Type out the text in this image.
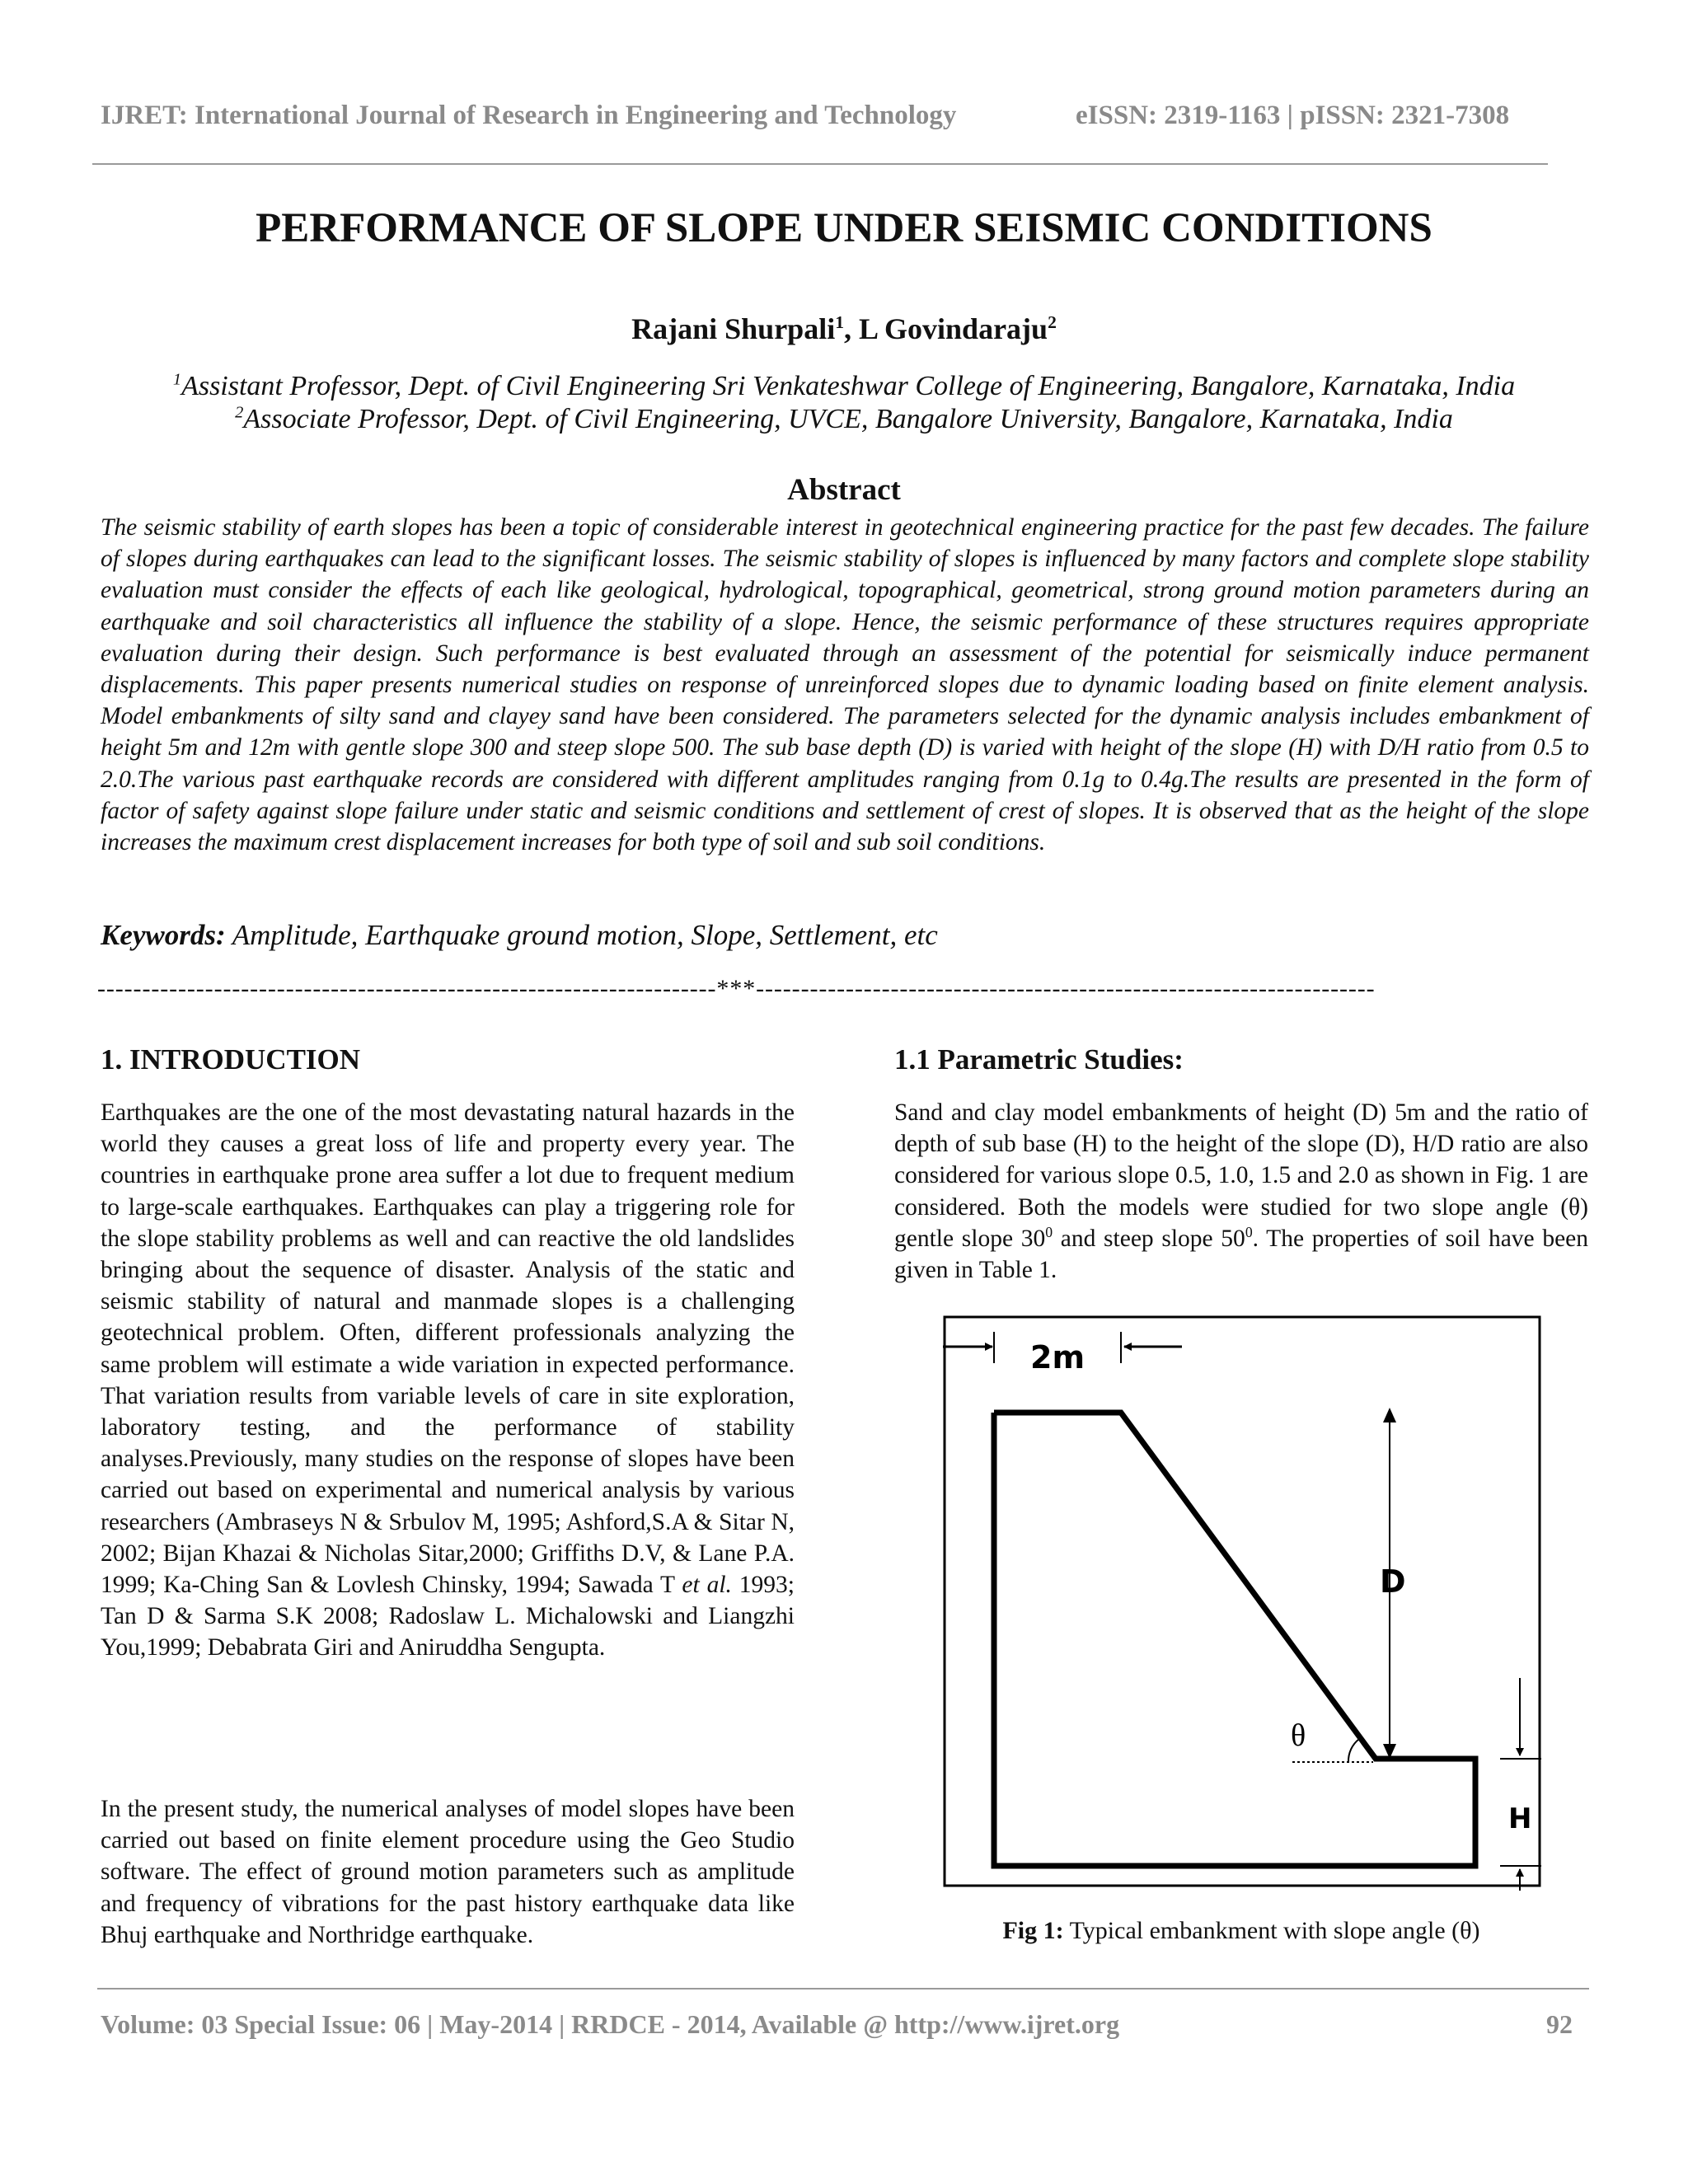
IJRET: International Journal of Research in Engineering and Technology	eISSN: 2319-1163 | pISSN: 2321-7308
PERFORMANCE OF SLOPE UNDER SEISMIC CONDITIONS
Rajani Shurpali$^1$, L Govindaraju$^2$
$^1$Assistant Professor, Dept. of Civil Engineering Sri Venkateshwar College of Engineering, Bangalore, Karnataka, India
$^2$Associate Professor, Dept. of Civil Engineering, UVCE, Bangalore University, Bangalore, Karnataka, India
Abstract
The seismic stability of earth slopes has been a topic of considerable interest in geotechnical engineering practice for the past few decades. The failure of slopes during earthquakes can lead to the significant losses. The seismic stability of slopes is influenced by many factors and complete slope stability evaluation must consider the effects of each like geological, hydrological, topographical, geometrical, strong ground motion parameters during an earthquake and soil characteristics all influence the stability of a slope. Hence, the seismic performance of these structures requires appropriate evaluation during their design. Such performance is best evaluated through an assessment of the potential for seismically induce permanent displacements. This paper presents numerical studies on response of unreinforced slopes due to dynamic loading based on finite element analysis. Model embankments of silty sand and clayey sand have been considered. The parameters selected for the dynamic analysis includes embankment of height 5m and 12m with gentle slope 300 and steep slope 500. The sub base depth (D) is varied with height of the slope (H) with D/H ratio from 0.5 to 2.0.The various past earthquake records are considered with different amplitudes ranging from 0.1g to 0.4g.The results are presented in the form of factor of safety against slope failure under static and seismic conditions and settlement of crest of slopes. It is observed that as the height of the slope increases the maximum crest displacement increases for both type of soil and sub soil conditions.
Keywords: Amplitude, Earthquake ground motion, Slope, Settlement, etc
---------------------------------------------------------------------***---------------------------------------------------------------------
1. INTRODUCTION
Earthquakes are the one of the most devastating natural hazards in the world they causes a great loss of life and property every year. The countries in earthquake prone area suffer a lot due to frequent medium to large-scale earthquakes. Earthquakes can play a triggering role for the slope stability problems as well and can reactive the old landslides bringing about the sequence of disaster. Analysis of the static and seismic stability of natural and manmade slopes is a challenging geotechnical problem. Often, different professionals analyzing the same problem will estimate a wide variation in expected performance. That variation results from variable levels of care in site exploration, laboratory testing, and the performance of stability analyses.Previously, many studies on the response of slopes have been carried out based on experimental and numerical analysis by various researchers (Ambraseys N & Srbulov M, 1995; Ashford,S.A & Sitar N, 2002; Bijan Khazai & Nicholas Sitar,2000; Griffiths D.V, & Lane P.A. 1999; Ka-Ching San & Lovlesh Chinsky, 1994; Sawada T et al. 1993; Tan D & Sarma S.K 2008; Radoslaw L. Michalowski and Liangzhi You,1999; Debabrata Giri and Aniruddha Sengupta.
In the present study, the numerical analyses of model slopes have been carried out based on finite element procedure using the Geo Studio software. The effect of ground motion parameters such as amplitude and frequency of vibrations for the past history earthquake data like Bhuj earthquake and Northridge earthquake.
1.1 Parametric Studies:
Sand and clay model embankments of height (D) 5m and the ratio of depth of sub base (H) to the height of the slope (D), H/D ratio are also considered for various slope 0.5, 1.0, 1.5 and 2.0 as shown in Fig. 1 are considered. Both the models were studied for two slope angle (θ) gentle slope $30^0$ and steep slope $50^0$. The properties of soil have been given in Table 1.
2m
D
H
θ
Fig 1: Typical embankment with slope angle (θ)
Volume: 03 Special Issue: 06 | May-2014 | RRDCE - 2014, Available @ http://www.ijret.org	92
